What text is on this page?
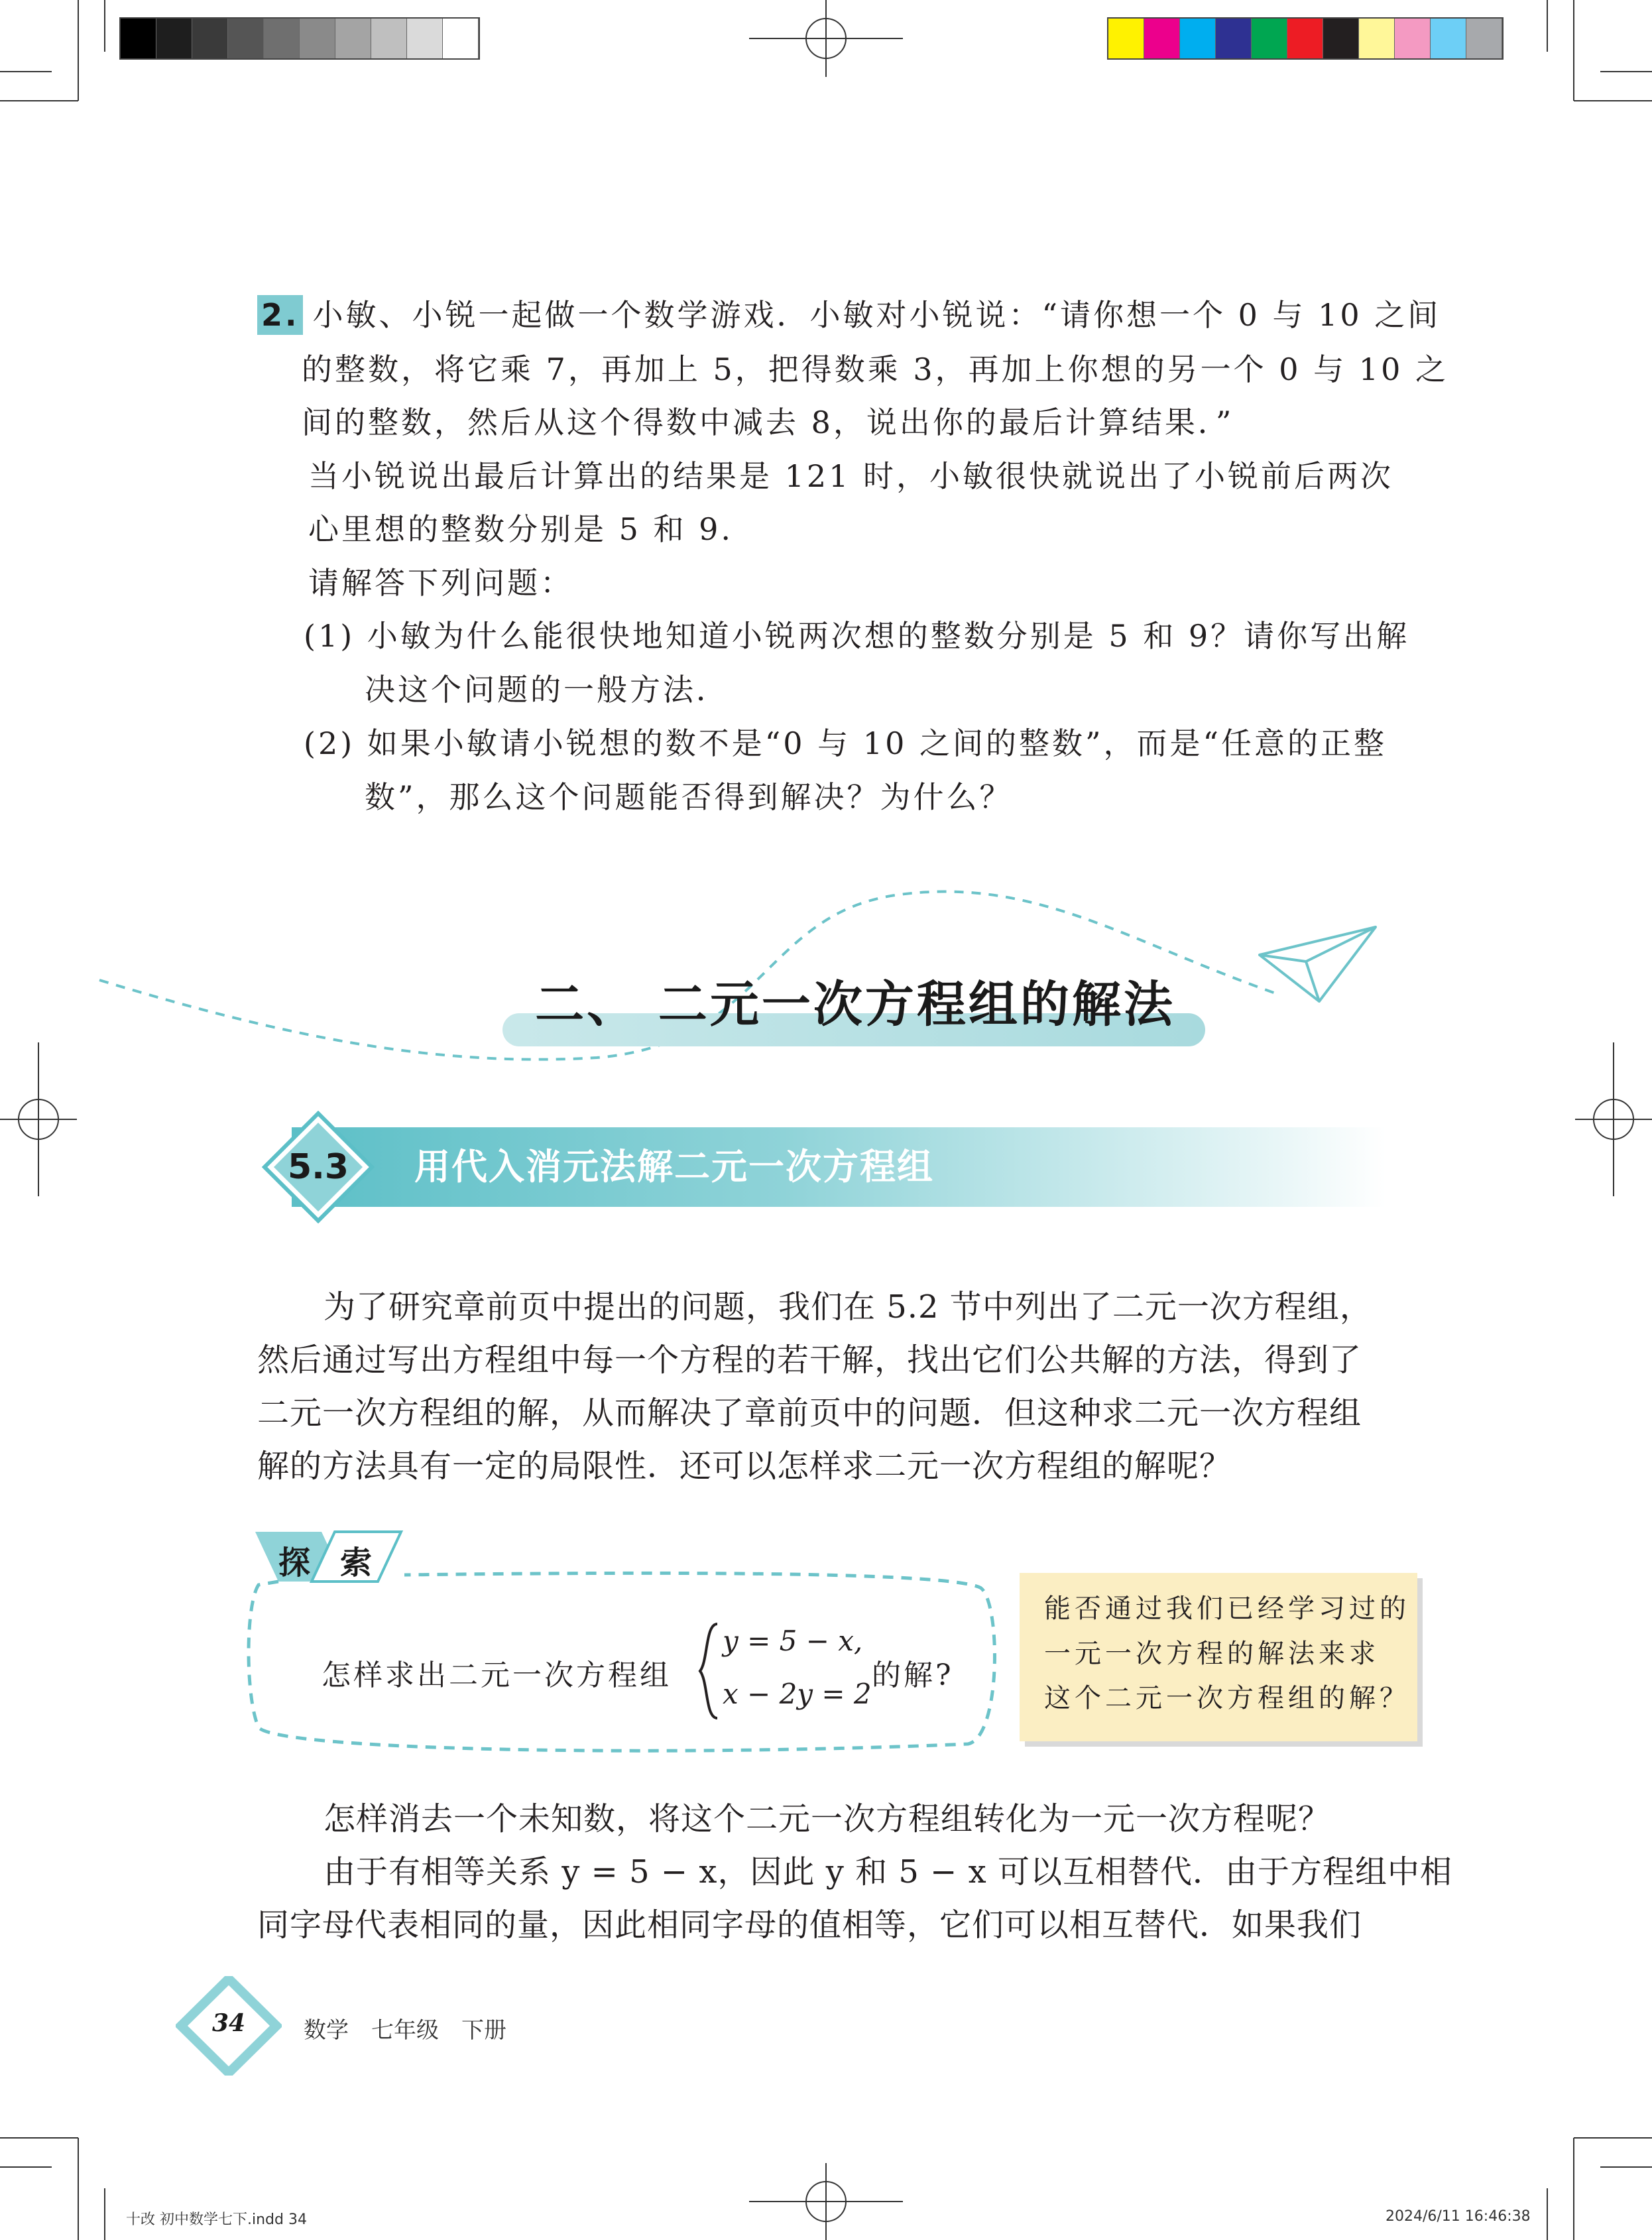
2. 小敏、小锐一起做一个数学游戏．小敏对小锐说：“请你想一个 0 与 10 之间
的整数，将它乘 7，再加上 5，把得数乘 3，再加上你想的另一个 0 与 10 之
间的整数，然后从这个得数中减去 8，说出你的最后计算结果．”
当小锐说出最后计算出的结果是 121 时，小敏很快就说出了小锐前后两次
心里想的整数分别是 5 和 9.
请解答下列问题：
(1) 小敏为什么能很快地知道小锐两次想的整数分别是 5 和 9？请你写出解
决这个问题的一般方法．
(2) 如果小敏请小锐想的数不是“0 与 10 之间的整数”，而是“任意的正整
数”，那么这个问题能否得到解决？为什么？
二、 二元一次方程组的解法
5.3	用代入消元法解二元一次方程组
为了研究章前页中提出的问题，我们在 5.2 节中列出了二元一次方程组，
然后通过写出方程组中每一个方程的若干解，找出它们公共解的方法，得到了
二元一次方程组的解，从而解决了章前页中的问题．但这种求二元一次方程组
解的方法具有一定的局限性．还可以怎样求二元一次方程组的解呢？
探 索
怎样求出二元一次方程组
y = 5 − x,
x − 2y = 2
的解?
能否通过我们已经学习过的
一元一次方程的解法来求
这个二元一次方程组的解？
怎样消去一个未知数，将这个二元一次方程组转化为一元一次方程呢？
由于有相等关系 y = 5 − x，因此 y 和 5 − x 可以互相替代．由于方程组中相
同字母代表相同的量，因此相同字母的值相等，它们可以相互替代．如果我们
34	数学　七年级　下册
十改 初中数学七下.indd 34	2024/6/11 16:46:38
